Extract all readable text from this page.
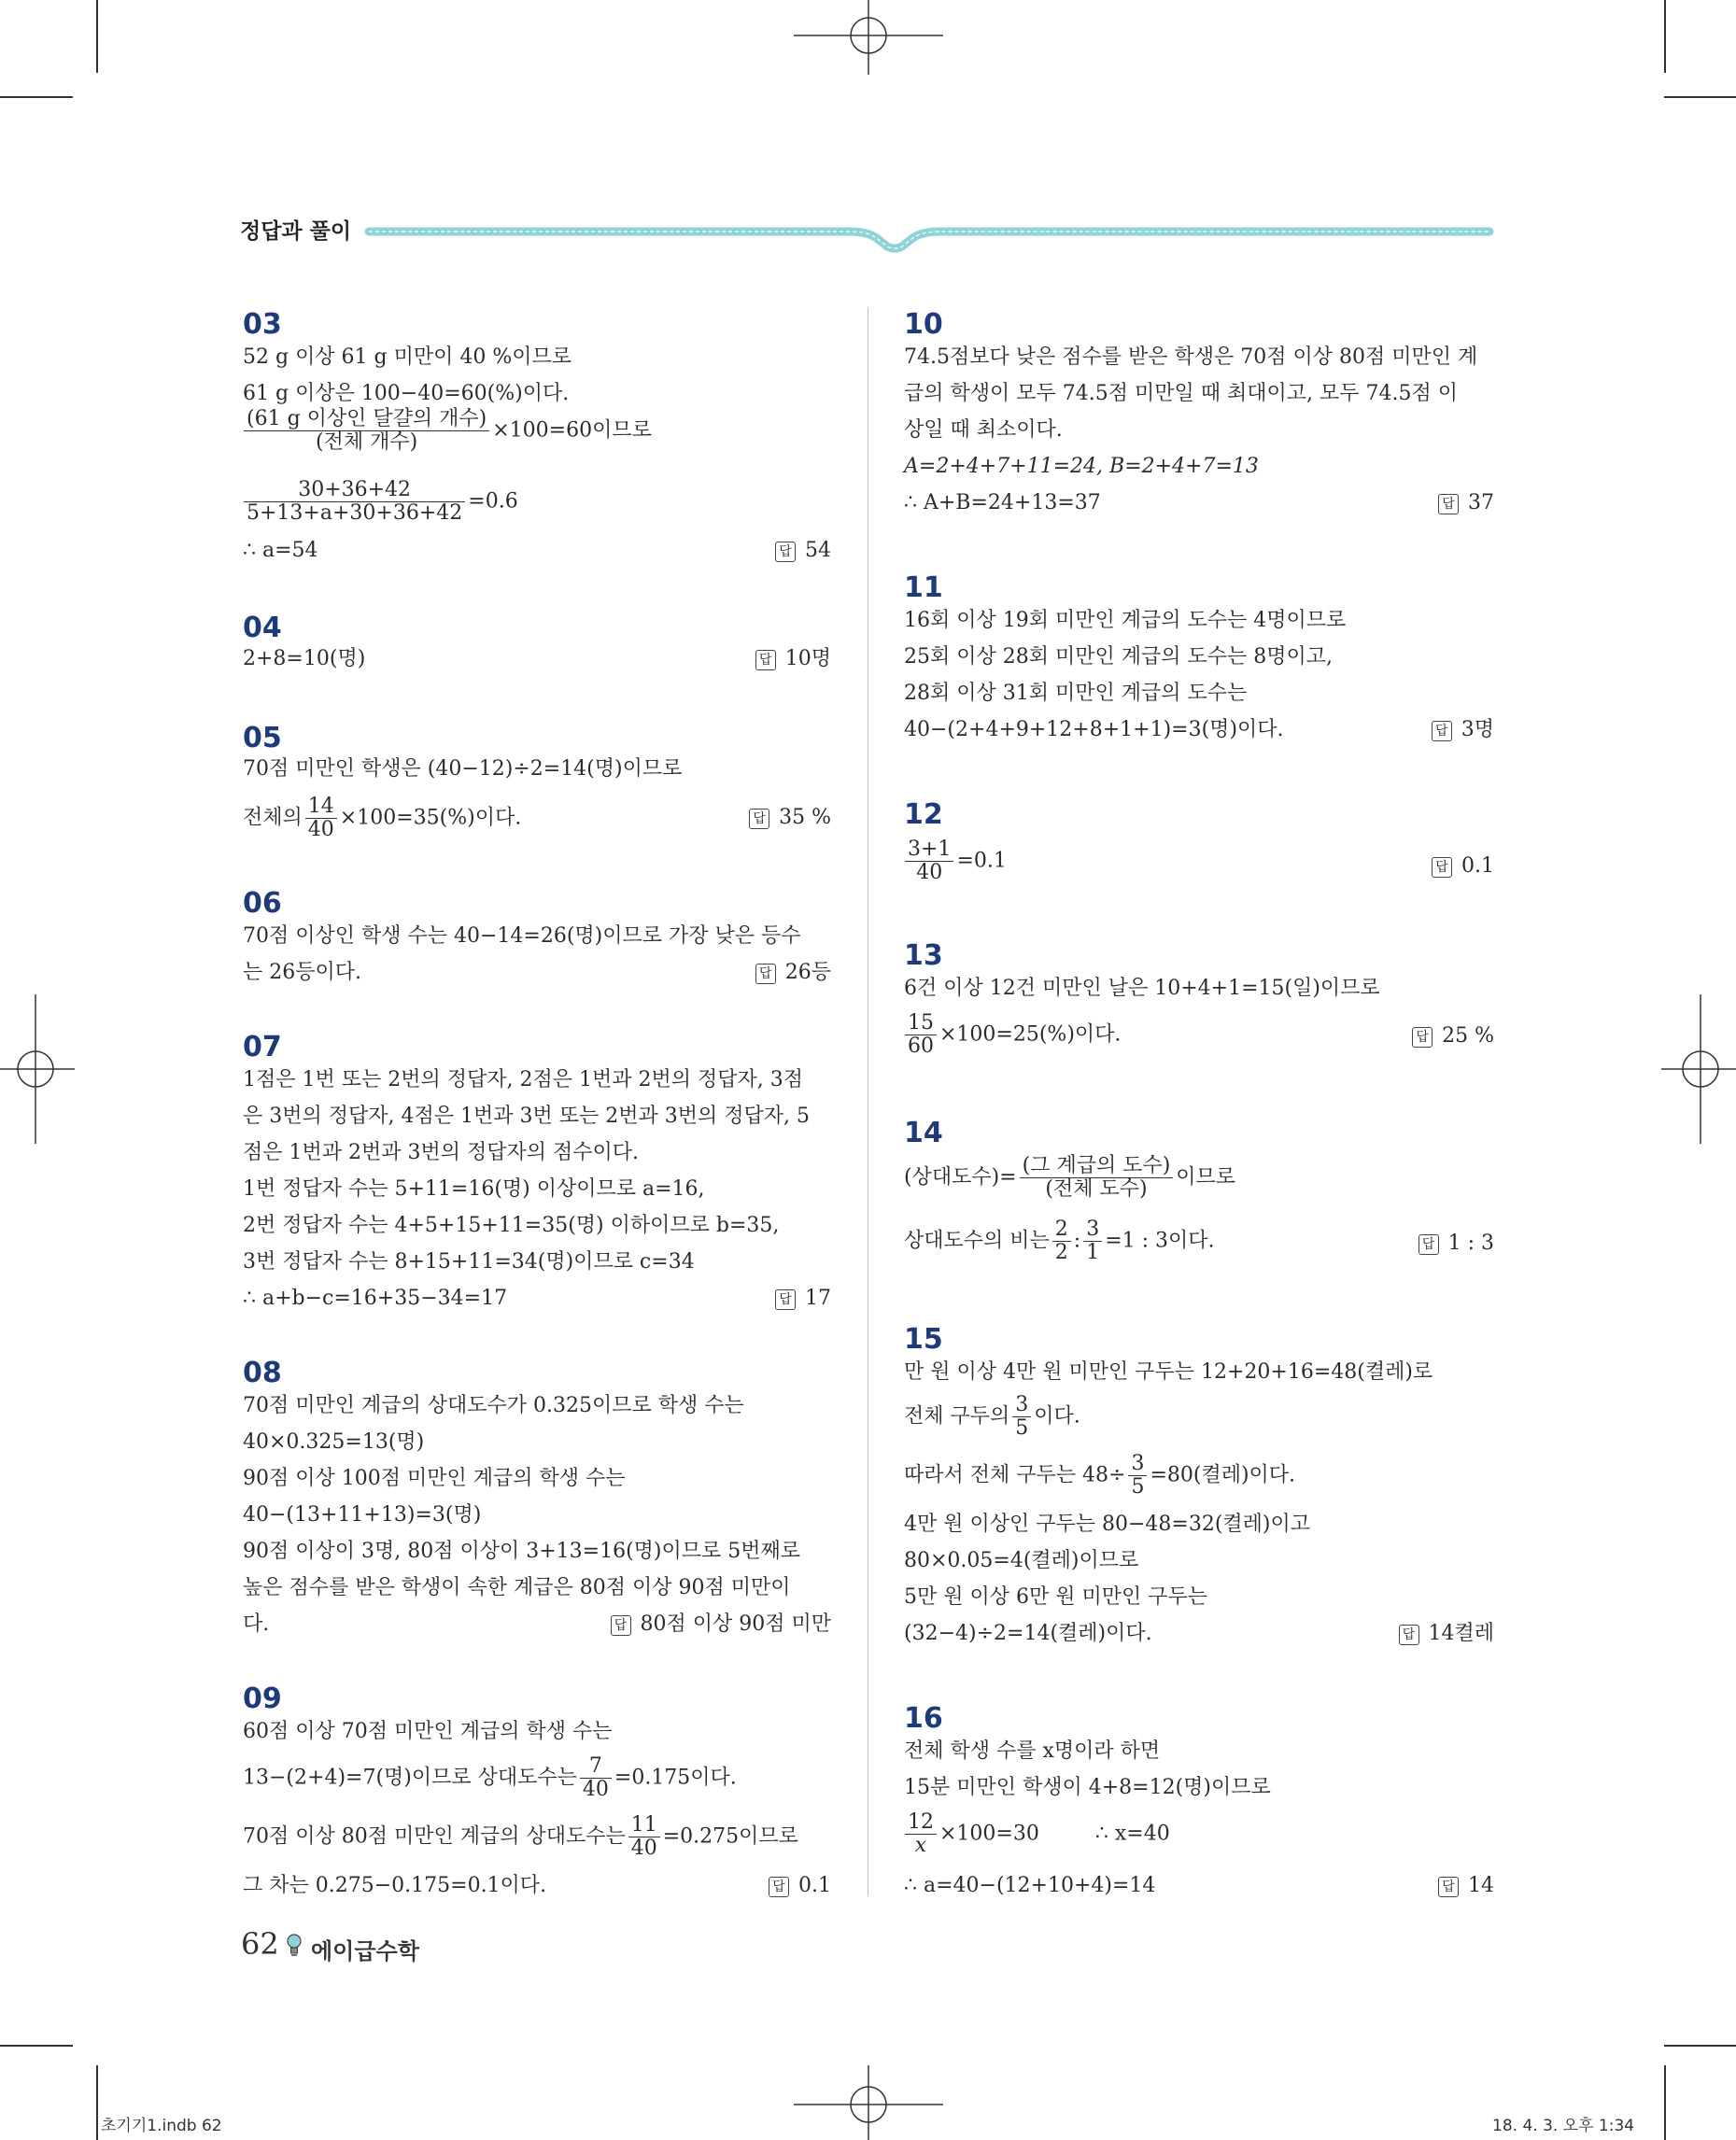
정답과 풀이
03
52 g 이상 61 g 미만이 40 %이므로
61 g 이상은 100−40=60(%)이다.
$\frac{\text{(61 g 이상인 달걀의 개수)}}{\text{(전체 개수)}} \times 100=60$이므로
$\frac{30+36+42}{5+13+a+30+36+42} =0.6$
∴ a=54	답 54
04
2+8=10(명)	답 10명
05
70점 미만인 학생은 (40−12)÷2=14(명)이므로
전체의 $\frac{14}{40} \times 100=35(\%)$이다.	답 35 %
06
70점 이상인 학생 수는 40−14=26(명)이므로 가장 낮은 등수
는 26등이다.	답 26등
07
1점은 1번 또는 2번의 정답자, 2점은 1번과 2번의 정답자, 3점
은 3번의 정답자, 4점은 1번과 3번 또는 2번과 3번의 정답자, 5
점은 1번과 2번과 3번의 정답자의 점수이다.
1번 정답자 수는 5+11=16(명) 이상이므로 a=16,
2번 정답자 수는 4+5+15+11=35(명) 이하이므로 b=35,
3번 정답자 수는 8+15+11=34(명)이므로 c=34
∴ a+b−c=16+35−34=17	답 17
08
70점 미만인 계급의 상대도수가 0.325이므로 학생 수는
40×0.325=13(명)
90점 이상 100점 미만인 계급의 학생 수는
40−(13+11+13)=3(명)
90점 이상이 3명, 80점 이상이 3+13=16(명)이므로 5번째로
높은 점수를 받은 학생이 속한 계급은 80점 이상 90점 미만이
다.	답 80점 이상 90점 미만
09
60점 이상 70점 미만인 계급의 학생 수는
13−(2+4)=7(명)이므로 상대도수는 $\frac{7}{40} =0.175$이다.
70점 이상 80점 미만인 계급의 상대도수는 $\frac{11}{40} =0.275$이므로
그 차는 0.275−0.175=0.1이다.	답 0.1
10
74.5점보다 낮은 점수를 받은 학생은 70점 이상 80점 미만인 계
급의 학생이 모두 74.5점 미만일 때 최대이고, 모두 74.5점 이
상일 때 최소이다.
A=2+4+7+11=24, B=2+4+7=13
∴ A+B=24+13=37	답 37
11
16회 이상 19회 미만인 계급의 도수는 4명이므로
25회 이상 28회 미만인 계급의 도수는 8명이고,
28회 이상 31회 미만인 계급의 도수는
40−(2+4+9+12+8+1+1)=3(명)이다.	답 3명
12
$\frac{3+1}{40} =0.1$	답 0.1
13
6건 이상 12건 미만인 날은 10+4+1=15(일)이므로
$\frac{15}{60} \times 100=25(\%)$이다.	답 25 %
14
(상대도수)= $\frac{\text{(그 계급의 도수)}}{\text{(전체 도수)}}$ 이므로
상대도수의 비는 $\frac{2}{2}$ : $\frac{3}{1} =1$ : 3이다.	답 1 : 3
15
만 원 이상 4만 원 미만인 구두는 12+20+16=48(켤레)로
전체 구두의 $\frac{3}{5}$ 이다.
따라서 전체 구두는 $48\div \frac{3}{5} =80$(켤레)이다.
4만 원 이상인 구두는 80−48=32(켤레)이고
80×0.05=4(켤레)이므로
5만 원 이상 6만 원 미만인 구두는
(32−4)÷2=14(켤레)이다.	답 14켤레
16
전체 학생 수를 x명이라 하면
15분 미만인 학생이 4+8=12(명)이므로
$\frac{12}{x} \times 100=30$	∴ x=40
∴ a=40−(12+10+4)=14	답 14
62 에이급수학
초기기1.indb 62	18. 4. 3. 오후 1:34
